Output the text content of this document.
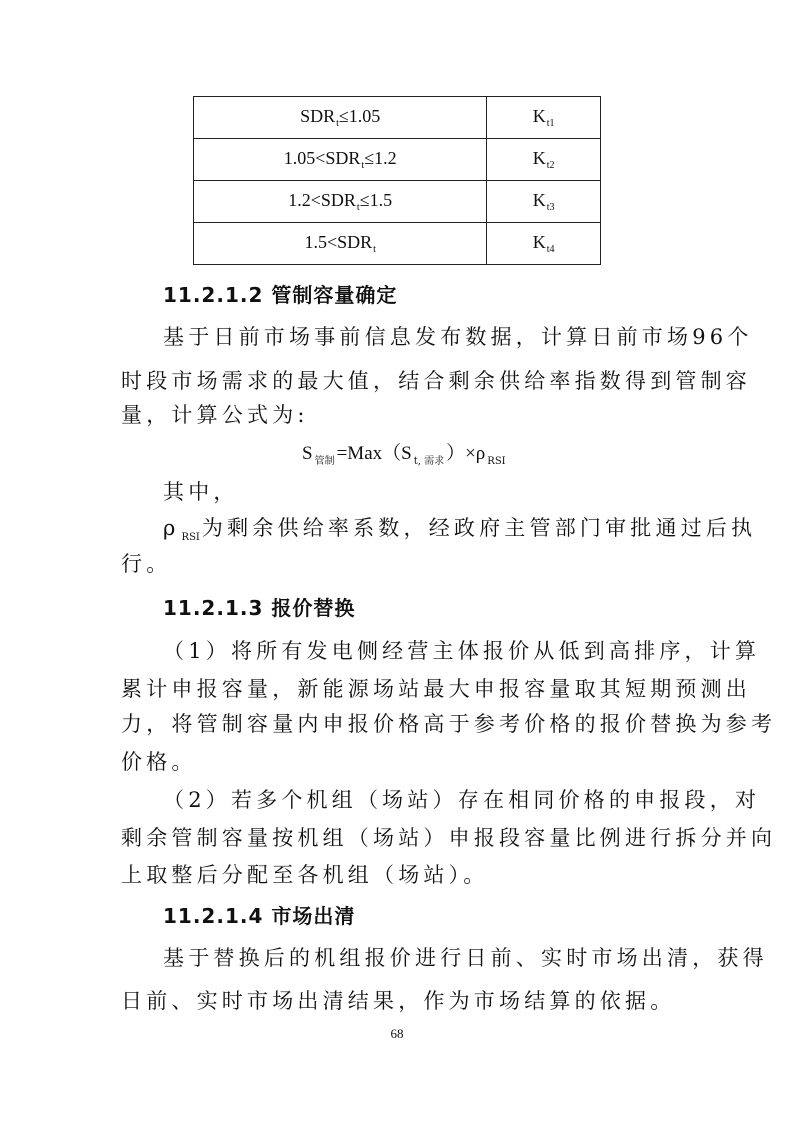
$SDR_t\le 1.05$	$K_{t1}$
$1.05<SDR_t\le 1.2$	$K_{t2}$
$1.2<SDR_t\le 1.5$	$K_{t3}$
$1.5<SDR_t$	$K_{t4}$
11.2.1.2 管制容量确定
基于日前市场事前信息发布数据，计算日前市场96个
时段市场需求的最大值，结合剩余供给率指数得到管制容
量，计算公式为:
S $_{管制}$ =Max（S $_{t, 需求}$ ）×ρ $_{RSI}$
其中，
ρ $_{RSI}$为剩余供给率系数，经政府主管部门审批通过后执
行。
11.2.1.3 报价替换
（1）将所有发电侧经营主体报价从低到高排序，计算
累计申报容量，新能源场站最大申报容量取其短期预测出
力，将管制容量内申报价格高于参考价格的报价替换为参考
价格。
（2）若多个机组（场站）存在相同价格的申报段，对
剩余管制容量按机组（场站）申报段容量比例进行拆分并向
上取整后分配至各机组（场站）。
11.2.1.4 市场出清
基于替换后的机组报价进行日前、实时市场出清，获得
日前、实时市场出清结果，作为市场结算的依据。
68
